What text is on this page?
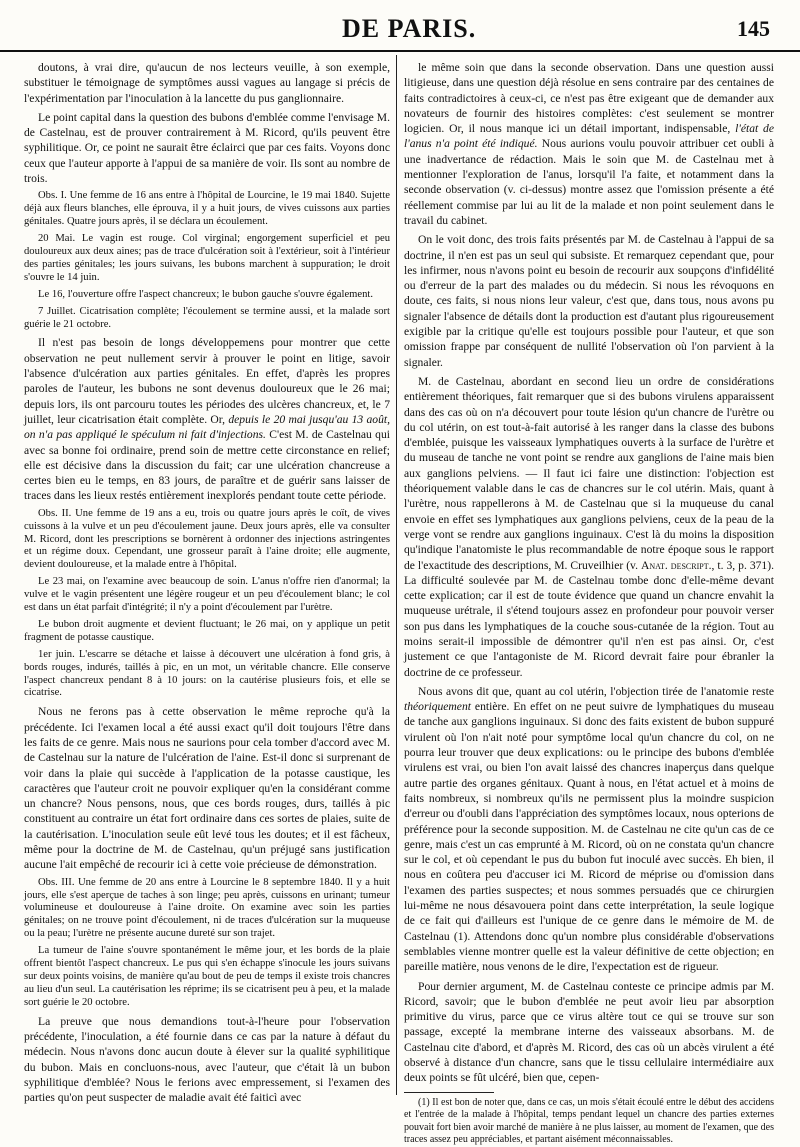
DE PARIS.	145

doutons, à vrai dire, qu'aucun de nos lecteurs veuille, à son exemple, substituer le témoignage de symptômes aussi vagues au langage si précis de l'expérimentation par l'inoculation à la lancette du pus ganglionnaire.

Le point capital dans la question des bubons d'emblée comme l'envisage M. de Castelnau, est de prouver contrairement à M. Ricord, qu'ils peuvent être syphilitique. Or, ce point ne saurait être éclairci que par ces faits. Voyons donc ceux que l'auteur apporte à l'appui de sa manière de voir. Ils sont au nombre de trois.

Obs. I. Une femme de 16 ans entre à l'hôpital de Lourcine, le 19 mai 1840. Sujette déjà aux fleurs blanches, elle éprouva, il y a huit jours, de vives cuissons aux parties génitales. Quatre jours après, il se déclara un écoulement.

20 Mai. Le vagin est rouge. Col virginal; engorgement superficiel et peu douloureux aux deux aines; pas de trace d'ulcération soit à l'extérieur, soit à l'intérieur des parties génitales; les jours suivans, les bubons marchent à suppuration; le droit s'ouvre le 14 juin.

Le 16, l'ouverture offre l'aspect chancreux; le bubon gauche s'ouvre également.

7 Juillet. Cicatrisation complète; l'écoulement se termine aussi, et la malade sort guérie le 21 octobre.

Il n'est pas besoin de longs développemens pour montrer que cette observation ne peut nullement servir à prouver le point en litige, savoir l'absence d'ulcération aux parties génitales. En effet, d'après les propres paroles de l'auteur, les bubons ne sont devenus douloureux que le 26 mai; depuis lors, ils ont parcouru toutes les périodes des ulcères chancreux, et, le 7 juillet, leur cicatrisation était complète. Or, depuis le 20 mai jusqu'au 13 août, on n'a pas appliqué le spéculum ni fait d'injections. C'est M. de Castelnau qui avec sa bonne foi ordinaire, prend soin de mettre cette circonstance en relief; elle est décisive dans la discussion du fait; car une ulcération chancreuse a certes bien eu le temps, en 83 jours, de paraître et de guérir sans laisser de traces dans les lieux restés entièrement inexplorés pendant toute cette période.

Obs. II. Une femme de 19 ans a eu, trois ou quatre jours après le coït, de vives cuissons à la vulve et un peu d'écoulement jaune. Deux jours après, elle va consulter M. Ricord, dont les prescriptions se bornèrent à ordonner des injections astringentes et un régime doux. Cependant, une grosseur paraît à l'aine droite; elle augmente, devient douloureuse, et la malade entre à l'hôpital.

Le 23 mai, on l'examine avec beaucoup de soin. L'anus n'offre rien d'anormal; la vulve et le vagin présentent une légère rougeur et un peu d'écoulement blanc; le col est dans un état parfait d'intégrité; il n'y a point d'écoulement par l'urètre.

Le bubon droit augmente et devient fluctuant; le 26 mai, on y applique un petit fragment de potasse caustique.

1er juin. L'escarre se détache et laisse à découvert une ulcération à fond gris, à bords rouges, indurés, taillés à pic, en un mot, un véritable chancre. Elle conserve l'aspect chancreux pendant 8 à 10 jours: on la cautérise plusieurs fois, et elle se cicatrise.

Nous ne ferons pas à cette observation le même reproche qu'à la précédente. Ici l'examen local a été aussi exact qu'il doit toujours l'être dans les faits de ce genre. Mais nous ne saurions pour cela tomber d'accord avec M. de Castelnau sur la nature de l'ulcération de l'aine. Est-il donc si surprenant de voir dans la plaie qui succède à l'application de la potasse caustique, les caractères que l'auteur croit ne pouvoir expliquer qu'en la considérant comme un chancre? Nous pensons, nous, que ces bords rouges, durs, taillés à pic constituent au contraire un état fort ordinaire dans ces sortes de plaies, suite de la cautérisation. L'inoculation seule eût levé tous les doutes; et il est fâcheux, même pour la doctrine de M. de Castelnau, qu'un préjugé sans justification aucune l'ait empêché de recourir ici à cette voie précieuse de démonstration.

Obs. III. Une femme de 20 ans entre à Lourcine le 8 septembre 1840. Il y a huit jours, elle s'est aperçue de taches à son linge; peu après, cuissons en urinant; tumeur volumineuse et douloureuse à l'aine droite. On examine avec soin les parties génitales; on ne trouve point d'écoulement, ni de traces d'ulcération sur la muqueuse ou la peau; l'urètre ne présente aucune dureté sur son trajet.

La tumeur de l'aine s'ouvre spontanément le même jour, et les bords de la plaie offrent bientôt l'aspect chancreux. Le pus qui s'en échappe s'inocule les jours suivans sur deux points voisins, de manière qu'au bout de peu de temps il existe trois chancres au lieu d'un seul. La cautérisation les réprime; ils se cicatrisent peu à peu, et la malade sort guérie le 20 octobre.

La preuve que nous demandions tout-à-l'heure pour l'observation précédente, l'inoculation, a été fournie dans ce cas par la nature à défaut du médecin. Nous n'avons donc aucun doute à élever sur la qualité syphilitique du bubon. Mais en concluons-nous, avec l'auteur, que c'était là un bubon syphilitique d'emblée? Nous le ferions avec empressement, si l'examen des parties qu'on peut suspecter de maladie avait été faiticì avec

le même soin que dans la seconde observation. Dans une question aussi litigieuse, dans une question déjà résolue en sens contraire par des centaines de faits contradictoires à ceux-ci, ce n'est pas être exigeant que de demander aux novateurs de fournir des histoires complètes: c'est seulement se montrer logicien. Or, il nous manque ici un détail important, indispensable, l'état de l'anus n'a point été indiqué. Nous aurions voulu pouvoir attribuer cet oubli à une inadvertance de rédaction. Mais le soin que M. de Castelnau met à mentionner l'exploration de l'anus, lorsqu'il l'a faite, et notamment dans la seconde observation (v. ci-dessus) montre assez que l'omission présente a été réellement commise par lui au lit de la malade et non point seulement dans le travail du cabinet.

On le voit donc, des trois faits présentés par M. de Castelnau à l'appui de sa doctrine, il n'en est pas un seul qui subsiste. Et remarquez cependant que, pour les infirmer, nous n'avons point eu besoin de recourir aux soupçons d'infidélité ou d'erreur de la part des malades ou du médecin. Si nous les révoquons en doute, ces faits, si nous nions leur valeur, c'est que, dans tous, nous avons pu signaler l'absence de détails dont la production est d'autant plus rigoureusement exigible par la critique qu'elle est toujours possible pour l'auteur, et que son omission frappe par conséquent de nullité l'observation où l'on parvient à la signaler.

M. de Castelnau, abordant en second lieu un ordre de considérations entièrement théoriques, fait remarquer que si des bubons virulens apparaissent dans des cas où on n'a découvert pour toute lésion qu'un chancre de l'urètre ou du col utérin, on est tout-à-fait autorisé à les ranger dans la classe des bubons d'emblée, puisque les vaisseaux lymphatiques ouverts à la surface de l'urètre et du museau de tanche ne vont point se rendre aux ganglions de l'aine mais bien aux ganglions pelviens. — Il faut ici faire une distinction: l'objection est théoriquement valable dans le cas de chancres sur le col utérin. Mais, quant à l'urètre, nous rappellerons à M. de Castelnau que si la muqueuse du canal envoie en effet ses lymphatiques aux ganglions pelviens, ceux de la peau de la verge vont se rendre aux ganglions inguinaux. C'est là du moins la disposition qu'indique l'anatomiste le plus recommandable de notre époque sous le rapport de l'exactitude des descriptions, M. Cruveilhier (v. Anat. descript., t. 3, p. 371). La difficulté soulevée par M. de Castelnau tombe donc d'elle-même devant cette explication; car il est de toute évidence que quand un chancre envahit la muqueuse urétrale, il s'étend toujours assez en profondeur pour pouvoir verser son pus dans les lymphatiques de la couche sous-cutanée de la région. Tout au moins serait-il impossible de démontrer qu'il n'en est pas ainsi. Or, c'est justement ce que l'antagoniste de M. Ricord devrait faire pour ébranler la doctrine de ce professeur.

Nous avons dit que, quant au col utérin, l'objection tirée de l'anatomie reste théoriquement entière. En effet on ne peut suivre de lymphatiques du museau de tanche aux ganglions inguinaux. Si donc des faits existent de bubon suppuré virulent où l'on n'ait noté pour symptôme local qu'un chancre du col, on ne pourra leur trouver que deux explications: ou le principe des bubons d'emblée virulens est vrai, ou bien l'on avait laissé des chancres inaperçus dans quelque autre partie des organes génitaux. Quant à nous, en l'état actuel et à moins de faits nombreux, si nombreux qu'ils ne permissent plus la moindre suspicion d'erreur ou d'oubli dans l'appréciation des symptômes locaux, nous opterions de préférence pour la seconde supposition. M. de Castelnau ne cite qu'un cas de ce genre, mais c'est un cas emprunté à M. Ricord, où on ne constata qu'un chancre sur le col, et où cependant le pus du bubon fut inoculé avec succès. Eh bien, il nous en coûtera peu d'accuser ici M. Ricord de méprise ou d'omission dans l'examen des parties suspectes; et nous sommes persuadés que ce chirurgien lui-même ne nous désavouera point dans cette interprétation, la seule logique de ce fait qui d'ailleurs est l'unique de ce genre dans le mémoire de M. de Castelnau (1). Attendons donc qu'un nombre plus considérable d'observations semblables vienne montrer quelle est la valeur définitive de cette objection; en pareille matière, nous venons de le dire, l'expectation est de rigueur.

Pour dernier argument, M. de Castelnau conteste ce principe admis par M. Ricord, savoir; que le bubon d'emblée ne peut avoir lieu par absorption primitive du virus, parce que ce virus altère tout ce qui se trouve sur son passage, excepté la membrane interne des vaisseaux absorbans. M. de Castelnau cite d'abord, et d'après M. Ricord, des cas où un abcès virulent a été observé à distance d'un chancre, sans que le tissu cellulaire intermédiaire aux deux points se fût ulcéré, bien que, cepen-

(1) Il est bon de noter que, dans ce cas, un mois s'était écoulé entre le début des accidens et l'entrée de la malade à l'hôpital, temps pendant lequel un chancre des parties externes pouvait fort bien avoir marché de manière à ne plus laisser, au moment de l'examen, que des traces assez peu appréciables, et partant aisément méconnaissables.
